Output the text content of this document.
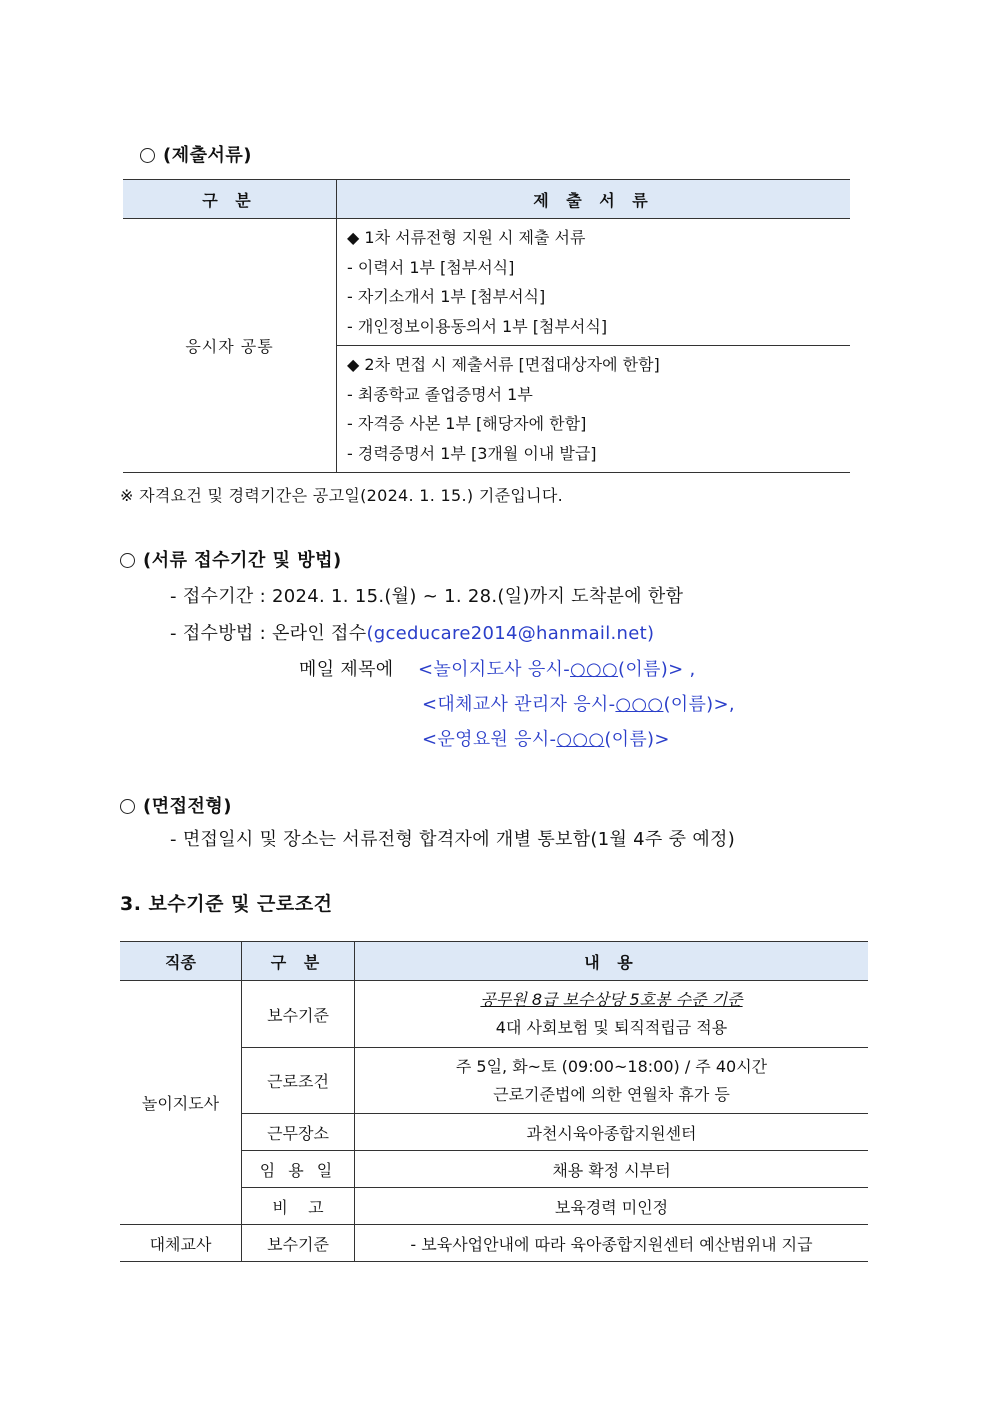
(제출서류)
구 분	제 출 서 류
응시자 공통	◆ 1차 서류전형 지원 시 제출 서류
- 이력서 1부 [첨부서식]
- 자기소개서 1부 [첨부서식]
- 개인정보이용동의서 1부 [첨부서식]

	◆ 2차 면접 시 제출서류 [면접대상자에 한함]
- 최종학교 졸업증명서 1부
- 자격증 사본 1부 [해당자에 한함]
- 경력증명서 1부 [3개월 이내 발급]
※ 자격요건 및 경력기간은 공고일(2024. 1. 15.) 기준입니다.
(서류 접수기간 및 방법)
- 접수기간 : 2024. 1. 15.(월) ~ 1. 28.(일)까지 도착분에 한함
- 접수방법 : 온라인 접수(gceducare2014@hanmail.net)
메일 제목에 <놀이지도사 응시-○○○(이름)> ,
<대체교사 관리자 응시-○○○(이름)>,
<운영요원 응시-○○○(이름)>
(면접전형)
- 면접일시 및 장소는 서류전형 합격자에 개별 통보함(1월 4주 중 예정)
3. 보수기준 및 근로조건
직종	구 분	내 용
놀이지도사	보수기준	공무원 8급 보수상당 5호봉 수준 기준
4대 사회보험 및 퇴직적립금 적용

	근로조건	주 5일, 화~토 (09:00~18:00) / 주 40시간
근로기준법에 의한 연월차 휴가 등

	근무장소	과천시육아종합지원센터
	임 용 일	채용 확정 시부터
	비    고	보육경력 미인정
대체교사	보수기준	- 보육사업안내에 따라 육아종합지원센터 예산범위내 지급
